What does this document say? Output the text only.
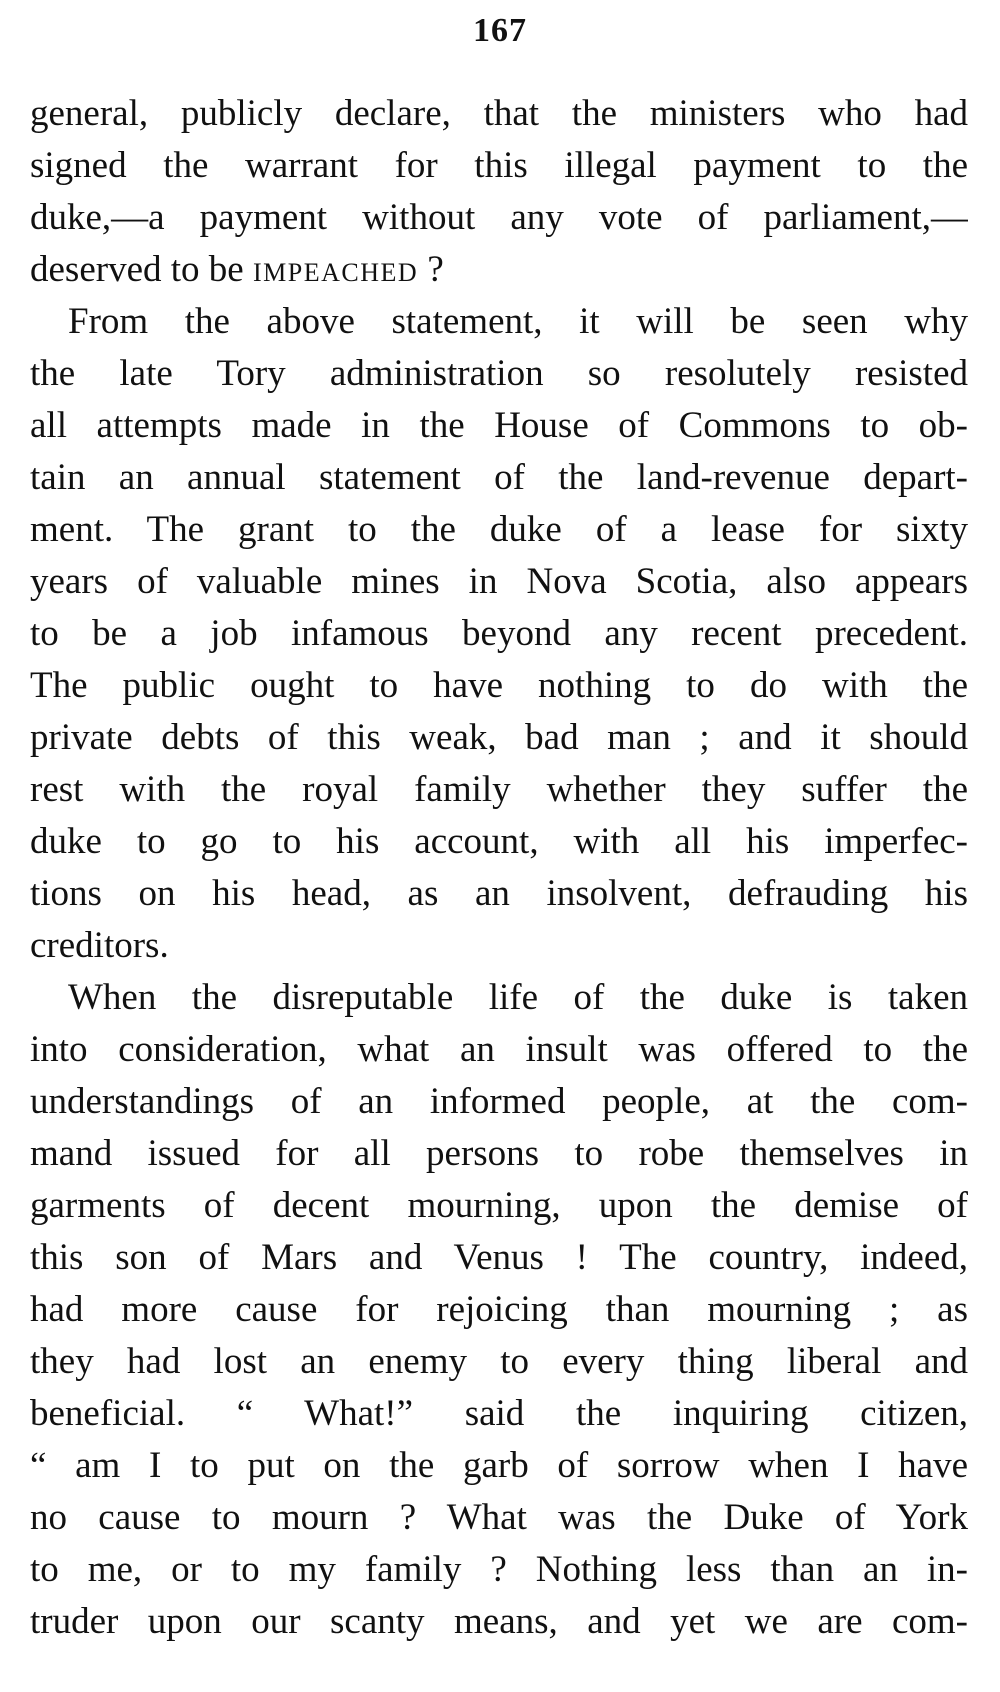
167
general, publicly declare, that the ministers who had
signed the warrant for this illegal payment to the
duke,—a payment without any vote of parliament,—
deserved to be IMPEACHED ?
From the above statement, it will be seen why
the late Tory administration so resolutely resisted
all attempts made in the House of Commons to ob-
tain an annual statement of the land-revenue depart-
ment. The grant to the duke of a lease for sixty
years of valuable mines in Nova Scotia, also appears
to be a job infamous beyond any recent precedent.
The public ought to have nothing to do with the
private debts of this weak, bad man ; and it should
rest with the royal family whether they suffer the
duke to go to his account, with all his imperfec-
tions on his head, as an insolvent, defrauding his
creditors.
When the disreputable life of the duke is taken
into consideration, what an insult was offered to the
understandings of an informed people, at the com-
mand issued for all persons to robe themselves in
garments of decent mourning, upon the demise of
this son of Mars and Venus ! The country, indeed,
had more cause for rejoicing than mourning ; as
they had lost an enemy to every thing liberal and
beneficial. “ What!” said the inquiring citizen,
“ am I to put on the garb of sorrow when I have
no cause to mourn ? What was the Duke of York
to me, or to my family ? Nothing less than an in-
truder upon our scanty means, and yet we are com-
